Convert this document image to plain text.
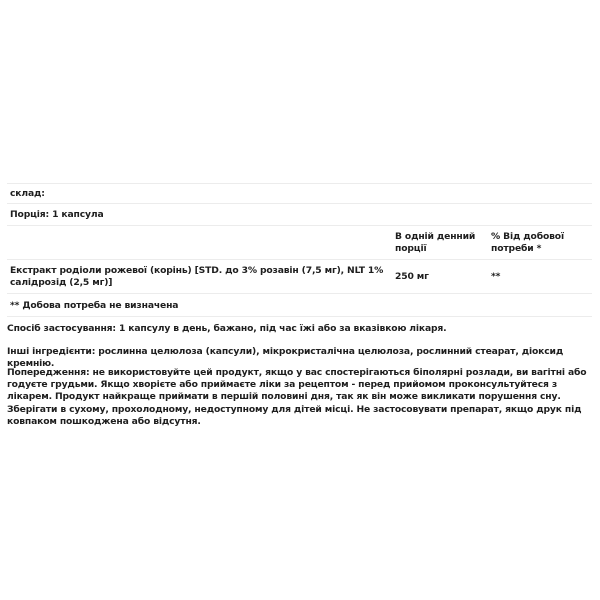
склад:
Порція: 1 капсула
В одній денний порції
% Від добової потреби *
Екстракт родіоли рожевої (корінь) [STD. до 3% розавін (7,5 мг), NLT 1% салідрозід (2,5 мг)]
250 мг	**
** Добова потреба не визначена
Спосіб застосування: 1 капсулу в день, бажано, під час їжі або за вказівкою лікаря.
Інші інгредієнти: рослинна целюлоза (капсули), мікрокристалічна целюлоза, рослинний стеарат, діоксид кремнію.
Попередження: не використовуйте цей продукт, якщо у вас спостерігаються біполярні розлади, ви вагітні або годуєте грудьми. Якщо хворієте або приймаєте ліки за рецептом - перед прийомом проконсультуйтеся з лікарем. Продукт найкраще приймати в першій половині дня, так як він може викликати порушення сну. Зберігати в сухому, прохолодному, недоступному для дітей місці. Не застосовувати препарат, якщо друк під ковпаком пошкоджена або відсутня.
